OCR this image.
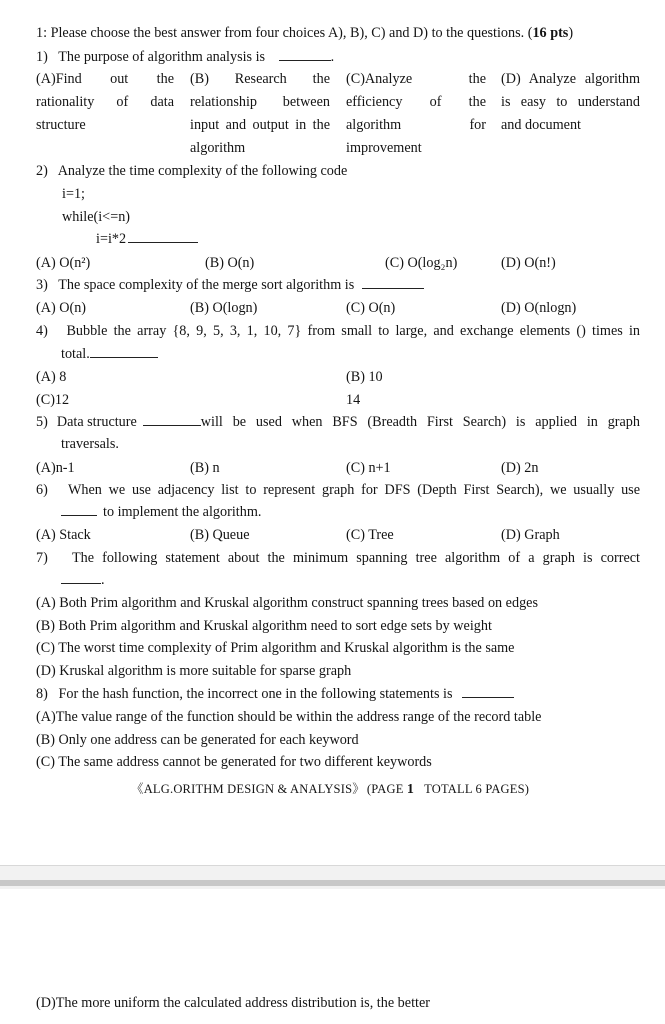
1: Please choose the best answer from four choices A), B), C) and D) to the questions. (16 pts)
1) The purpose of algorithm analysis is	.
(A)Find out the
rationality of data
structure
(B) Research the
relationship between
input and output in the
algorithm
(C)Analyze the
efficiency of the
algorithm for
improvement
(D) Analyze algorithm
is easy to understand
and document
2) Analyze the time complexity of the following code
i=1;
while(i<=n)
i=i*2
(A) O(n²)	(B) O(n)	(C) O(log₂n)	(D) O(n!)
3) The space complexity of the merge sort algorithm is
(A) O(n)	(B) O(logn)	(C) O(n)	(D) O(nlogn)
4) Bubble the array {8, 9, 5, 3, 1, 10, 7} from small to large, and exchange elements () times in
total.
(A) 8	(B) 10
(C)12	14
5) Data structure	will be used when BFS (Breadth First Search) is applied in graph
traversals.
(A)n-1	(B) n	(C) n+1	(D) 2n
6) When we use adjacency list to represent graph for DFS (Depth First Search), we usually use
to implement the algorithm.
(A) Stack	(B) Queue	(C) Tree	(D) Graph
7) The following statement about the minimum spanning tree algorithm of a graph is correct
.
(A) Both Prim algorithm and Kruskal algorithm construct spanning trees based on edges
(B) Both Prim algorithm and Kruskal algorithm need to sort edge sets by weight
(C) The worst time complexity of Prim algorithm and Kruskal algorithm is the same
(D) Kruskal algorithm is more suitable for sparse graph
8) For the hash function, the incorrect one in the following statements is
(A)The value range of the function should be within the address range of the record table
(B) Only one address can be generated for each keyword
(C) The same address cannot be generated for two different keywords
《ALG.ORITHM DESIGN & ANALYSIS》 (PAGE 1 TOTALL 6 PAGES)
(D)The more uniform the calculated address distribution is, the better
